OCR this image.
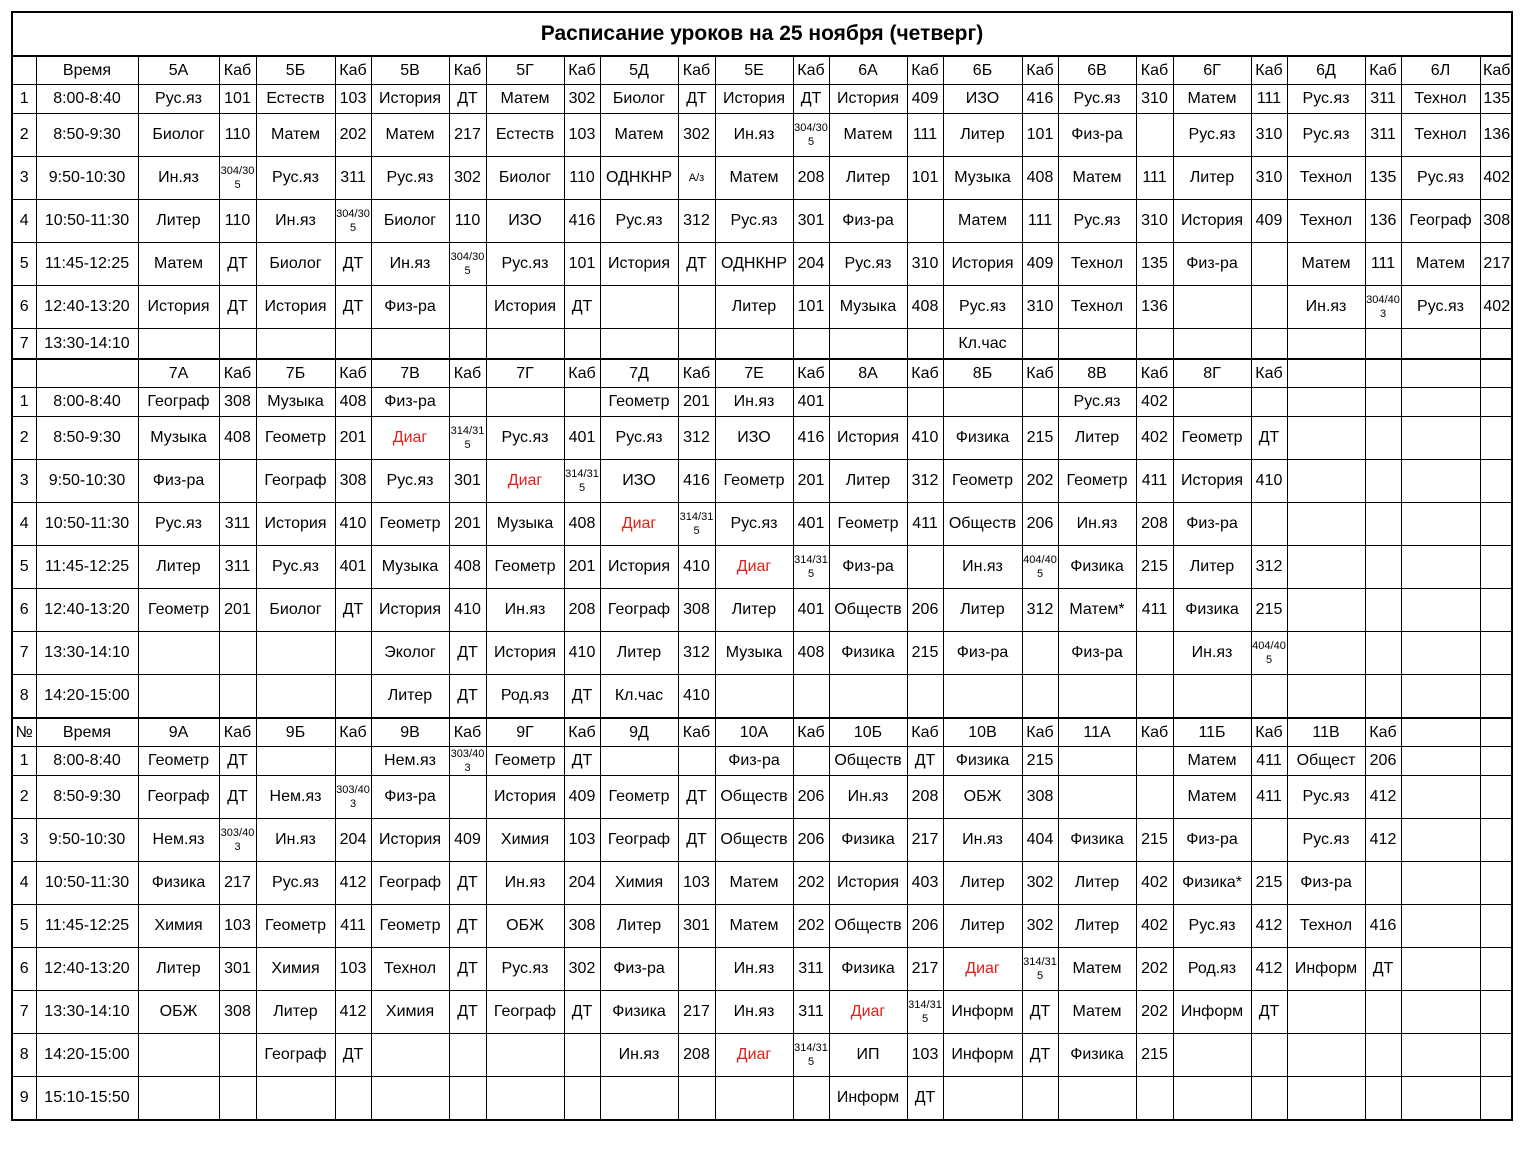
Расписание уроков на 25 ноября (четверг)
	Время	5А	Каб	5Б	Каб	5В	Каб	5Г	Каб	5Д	Каб	5Е	Каб	6А	Каб	6Б	Каб	6В	Каб	6Г	Каб	6Д	Каб	6Л	Каб
1	8:00-8:40	Рус.яз	101	Естеств	103	История	ДТ	Матем	302	Биолог	ДТ	История	ДТ	История	409	ИЗО	416	Рус.яз	310	Матем	111	Рус.яз	311	Технол	135
2	8:50-9:30	Биолог	110	Матем	202	Матем	217	Естеств	103	Матем	302	Ин.яз	304/305	Матем	111	Литер	101	Физ-ра		Рус.яз	310	Рус.яз	311	Технол	136
3	9:50-10:30	Ин.яз	304/305	Рус.яз	311	Рус.яз	302	Биолог	110	ОДНКНР	А/з	Матем	208	Литер	101	Музыка	408	Матем	111	Литер	310	Технол	135	Рус.яз	402
4	10:50-11:30	Литер	110	Ин.яз	304/305	Биолог	110	ИЗО	416	Рус.яз	312	Рус.яз	301	Физ-ра		Матем	111	Рус.яз	310	История	409	Технол	136	Географ	308
5	11:45-12:25	Матем	ДТ	Биолог	ДТ	Ин.яз	304/305	Рус.яз	101	История	ДТ	ОДНКНР	204	Рус.яз	310	История	409	Технол	135	Физ-ра		Матем	111	Матем	217
6	12:40-13:20	История	ДТ	История	ДТ	Физ-ра		История	ДТ			Литер	101	Музыка	408	Рус.яз	310	Технол	136			Ин.яз	304/403	Рус.яз	402
7	13:30-14:10															Кл.час									
		7А	Каб	7Б	Каб	7В	Каб	7Г	Каб	7Д	Каб	7Е	Каб	8А	Каб	8Б	Каб	8В	Каб	8Г	Каб				
1	8:00-8:40	Географ	308	Музыка	408	Физ-ра				Геометр	201	Ин.яз	401					Рус.яз	402						
2	8:50-9:30	Музыка	408	Геометр	201	Диаг	314/315	Рус.яз	401	Рус.яз	312	ИЗО	416	История	410	Физика	215	Литер	402	Геометр	ДТ				
3	9:50-10:30	Физ-ра		Географ	308	Рус.яз	301	Диаг	314/315	ИЗО	416	Геометр	201	Литер	312	Геометр	202	Геометр	411	История	410				
4	10:50-11:30	Рус.яз	311	История	410	Геометр	201	Музыка	408	Диаг	314/315	Рус.яз	401	Геометр	411	Обществ	206	Ин.яз	208	Физ-ра					
5	11:45-12:25	Литер	311	Рус.яз	401	Музыка	408	Геометр	201	История	410	Диаг	314/315	Физ-ра		Ин.яз	404/405	Физика	215	Литер	312				
6	12:40-13:20	Геометр	201	Биолог	ДТ	История	410	Ин.яз	208	Географ	308	Литер	401	Обществ	206	Литер	312	Матем*	411	Физика	215				
7	13:30-14:10					Эколог	ДТ	История	410	Литер	312	Музыка	408	Физика	215	Физ-ра		Физ-ра		Ин.яз	404/405				
8	14:20-15:00					Литер	ДТ	Род.яз	ДТ	Кл.час	410														
№	Время	9А	Каб	9Б	Каб	9В	Каб	9Г	Каб	9Д	Каб	10А	Каб	10Б	Каб	10В	Каб	11А	Каб	11Б	Каб	11В	Каб		
1	8:00-8:40	Геометр	ДТ			Нем.яз	303/403	Геометр	ДТ			Физ-ра		Обществ	ДТ	Физика	215			Матем	411	Общест	206		
2	8:50-9:30	Географ	ДТ	Нем.яз	303/403	Физ-ра		История	409	Геометр	ДТ	Обществ	206	Ин.яз	208	ОБЖ	308			Матем	411	Рус.яз	412		
3	9:50-10:30	Нем.яз	303/403	Ин.яз	204	История	409	Химия	103	Географ	ДТ	Обществ	206	Физика	217	Ин.яз	404	Физика	215	Физ-ра		Рус.яз	412		
4	10:50-11:30	Физика	217	Рус.яз	412	Географ	ДТ	Ин.яз	204	Химия	103	Матем	202	История	403	Литер	302	Литер	402	Физика*	215	Физ-ра			
5	11:45-12:25	Химия	103	Геометр	411	Геометр	ДТ	ОБЖ	308	Литер	301	Матем	202	Обществ	206	Литер	302	Литер	402	Рус.яз	412	Технол	416		
6	12:40-13:20	Литер	301	Химия	103	Технол	ДТ	Рус.яз	302	Физ-ра		Ин.яз	311	Физика	217	Диаг	314/315	Матем	202	Род.яз	412	Информ	ДТ		
7	13:30-14:10	ОБЖ	308	Литер	412	Химия	ДТ	Географ	ДТ	Физика	217	Ин.яз	311	Диаг	314/315	Информ	ДТ	Матем	202	Информ	ДТ				
8	14:20-15:00			Географ	ДТ					Ин.яз	208	Диаг	314/315	ИП	103	Информ	ДТ	Физика	215						
9	15:10-15:50													Информ	ДТ										
